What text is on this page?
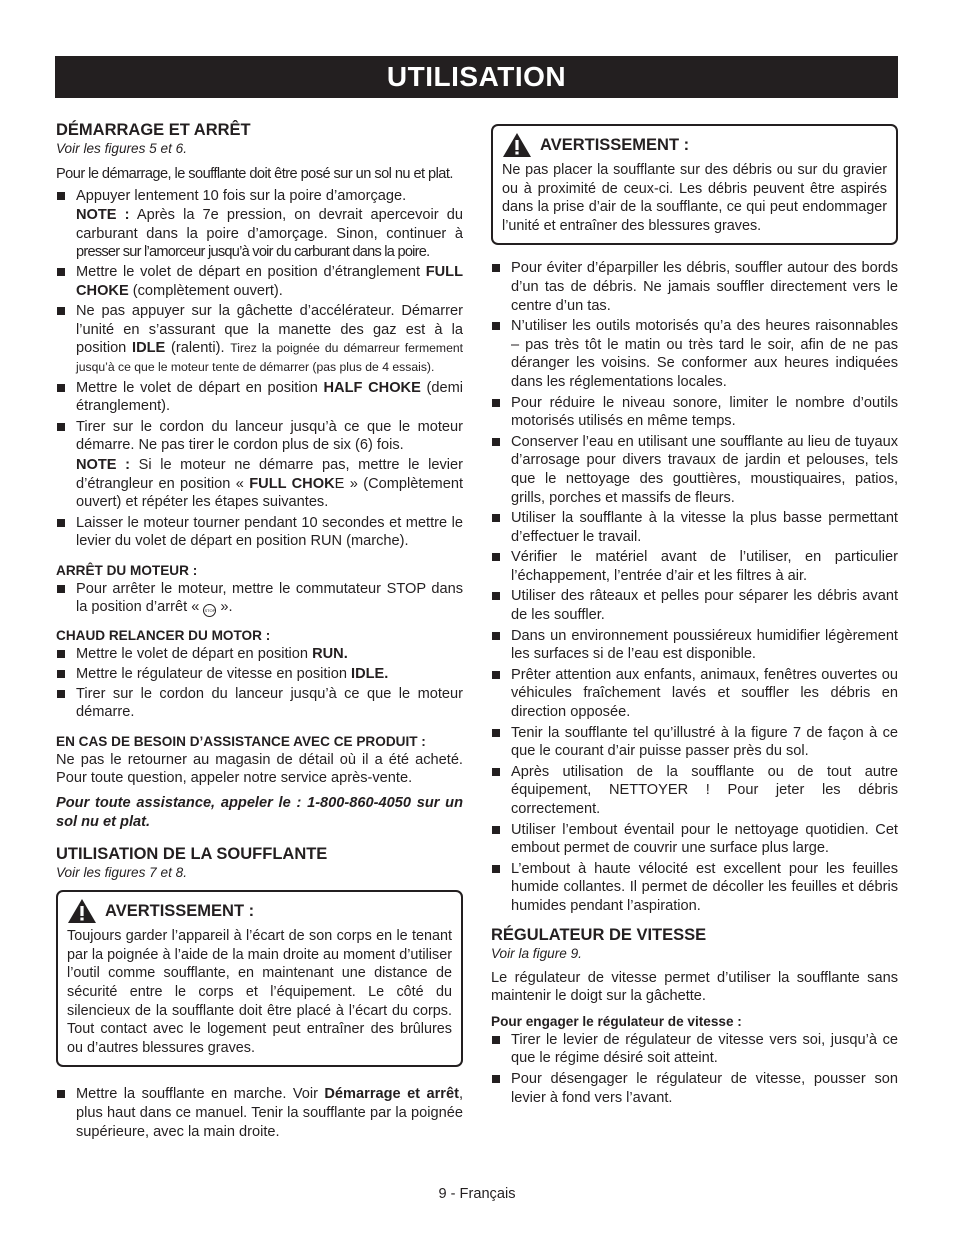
UTILISATION
DÉMARRAGE ET ARRÊT
Voir les figures 5 et 6.

Pour le démarrage, le soufflante doit être posé sur un sol nu et plat.

Appuyer lentement 10 fois sur la poire d’amorçage.
NOTE : Après la 7e pression, on devrait apercevoir du carburant dans la poire d’amorçage. Sinon, continuer à presser sur l’amorceur jusqu’à voir du carburant dans la poire.
Mettre le volet de départ en position d’étranglement FULL CHOKE (complètement ouvert).
Ne pas appuyer sur la gâchette d’accélérateur. Démarrer l’unité en s’assurant que la manette des gaz est à la position IDLE (ralenti). Tirez la poignée du démarreur fermement jusqu’à ce que le moteur tente de démarrer (pas plus de 4 essais).
Mettre le volet de départ en position HALF CHOKE (demi étranglement).
Tirer sur le cordon du lanceur jusqu’à ce que le moteur démarre. Ne pas tirer le cordon plus de six (6) fois.
NOTE : Si le moteur ne démarre pas, mettre le levier d’étrangleur en position « FULL CHOKE » (Complètement ouvert) et répéter les étapes suivantes.
Laisser le moteur tourner pendant 10 secondes et mettre le levier du volet de départ en position RUN (marche).
ARRÊT DU MOTEUR :
Pour arrêter le moteur, mettre le commutateur STOP dans la position d’arrêt « STOP ».
CHAUD RELANCER DU MOTOR :
Mettre le volet de départ en position RUN.
Mettre le régulateur de vitesse en position IDLE.
Tirer sur le cordon du lanceur jusqu’à ce que le moteur démarre.
EN CAS DE BESOIN D’ASSISTANCE AVEC CE PRODUIT :

Ne pas le retourner au magasin de détail où il a été acheté. Pour toute question, appeler notre service après-vente.

Pour toute assistance, appeler le : 1-800-860-4050 sur un sol nu et plat.

UTILISATION DE LA SOUFFLANTE
Voir les figures 7 et 8.
AVERTISSEMENT :

Toujours garder l’appareil à l’écart de son corps en le tenant par la poignée à l’aide de la main droite au moment d’utiliser l’outil comme soufflante, en maintenant une distance de sécurité entre le corps et l’équipement. Le côté du silencieux de la soufflante doit être placé à l’écart du corps. Tout contact avec le logement peut entraîner des brûlures ou d’autres blessures graves.

Mettre la soufflante en marche. Voir Démarrage et arrêt, plus haut dans ce manuel. Tenir la soufflante par la poignée supérieure, avec la main droite.
AVERTISSEMENT :

Ne pas placer la soufflante sur des débris ou sur du gravier ou à proximité de ceux-ci. Les débris peuvent être aspirés dans la prise d’air de la soufflante, ce qui peut endommager l’unité et entraîner des blessures graves.

Pour éviter d’éparpiller les débris, souffler autour des bords d’un tas de débris. Ne jamais souffler directement vers le centre d’un tas.
N’utiliser les outils motorisés qu’a des heures raisonnables – pas très tôt le matin ou très tard le soir, afin de ne pas déranger les voisins. Se conformer aux heures indiquées dans les réglementations locales.
Pour réduire le niveau sonore, limiter le nombre d’outils motorisés utilisés en même temps.
Conserver l’eau en utilisant une soufflante au lieu de tuyaux d’arrosage pour divers travaux de jardin et pelouses, tels que le nettoyage des gouttières, moustiquaires, patios, grills, porches et massifs de fleurs.
Utiliser la soufflante à la vitesse la plus basse permettant d’effectuer le travail.
Vérifier le matériel avant de l’utiliser, en particulier l’échappement, l’entrée d’air et les filtres à air.
Utiliser des râteaux et pelles pour séparer les débris avant de les souffler.
Dans un environnement poussiéreux humidifier légèrement les surfaces si de l’eau est disponible.
Prêter attention aux enfants, animaux, fenêtres ouvertes ou véhicules fraîchement lavés et souffler les débris en direction opposée.
Tenir la soufflante tel qu’illustré à la figure 7 de façon à ce que le courant d’air puisse passer près du sol.
Après utilisation de la soufflante ou de tout autre équipement, NETTOYER ! Pour jeter les débris correctement.
Utiliser l’embout éventail pour le nettoyage quotidien. Cet embout permet de couvrir une surface plus large.
L’embout à haute vélocité est excellent pour les feuilles humide collantes. Il permet de décoller les feuilles et débris humides pendant l’aspiration.
RÉGULATEUR DE VITESSE
Voir la figure 9.

Le régulateur de vitesse permet d’utiliser la soufflante sans maintenir le doigt sur la gâchette.

Pour engager le régulateur de vitesse :
Tirer le levier de régulateur de vitesse vers soi, jusqu’à ce que le régime désiré soit atteint.
Pour désengager le régulateur de vitesse, pousser son levier à fond vers l’avant.
9 - Français
